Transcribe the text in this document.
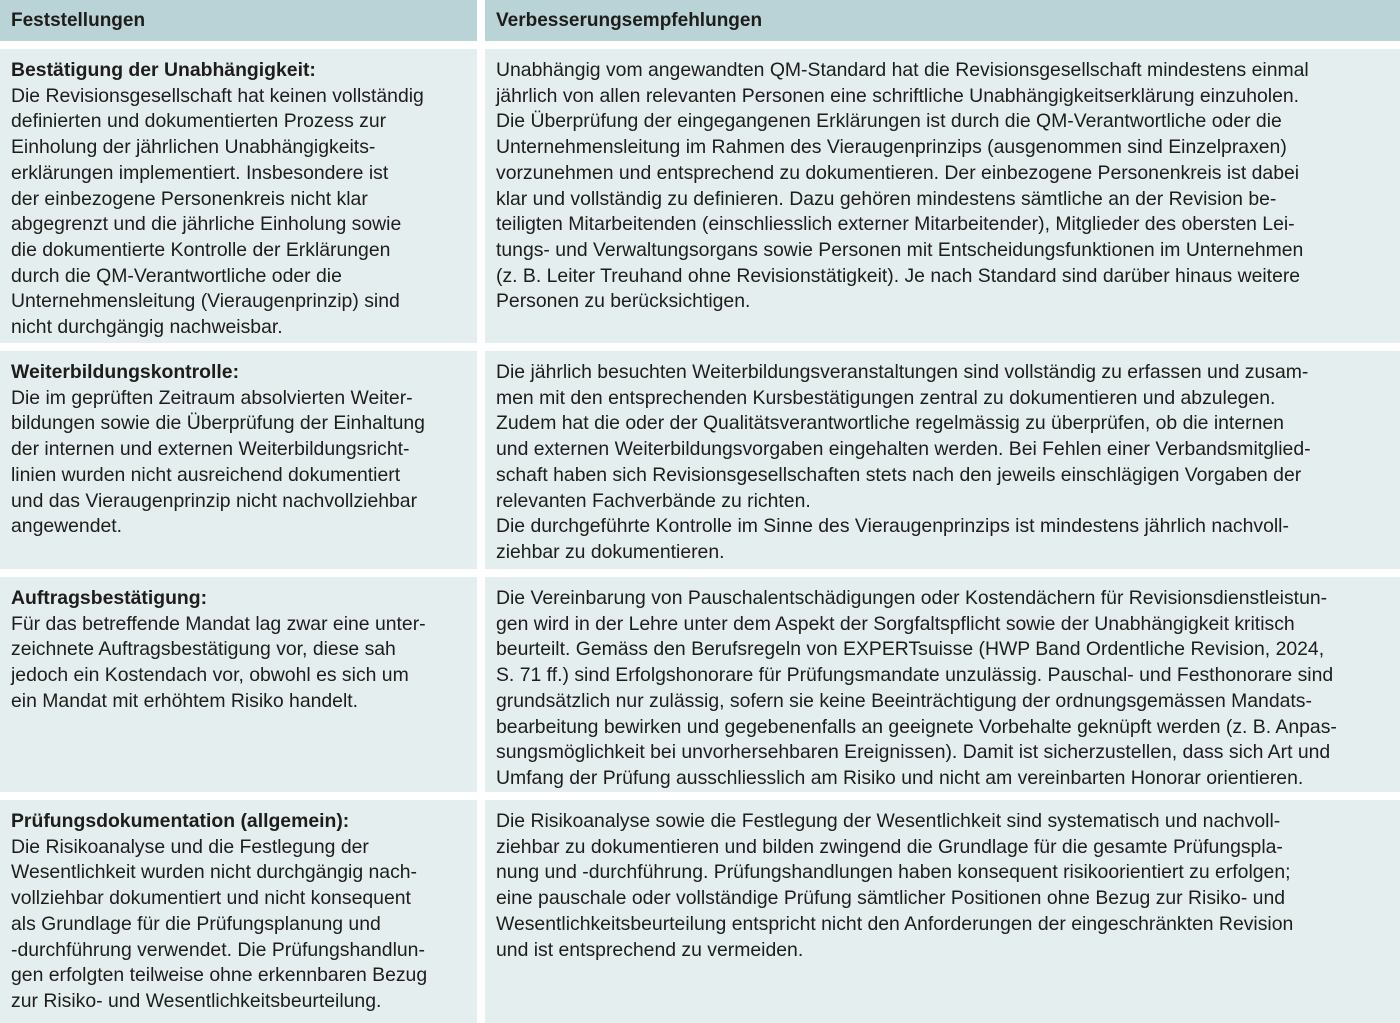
Feststellungen	Verbesserungsempfehlungen
Bestätigung der Unabhängigkeit:
Die Revisionsgesellschaft hat keinen vollständig
definierten und dokumentierten Prozess zur
Einholung der jährlichen Unabhängigkeits-
erklärungen implementiert. Insbesondere ist
der einbezogene Personenkreis nicht klar
abgegrenzt und die jährliche Einholung sowie
die dokumentierte Kontrolle der Erklärungen
durch die QM-Verantwortliche oder die
Unternehmensleitung (Vieraugenprinzip) sind
nicht durchgängig nachweisbar.
Unabhängig vom angewandten QM-Standard hat die Revisionsgesellschaft mindestens einmal
jährlich von allen relevanten Personen eine schriftliche Unabhängigkeitserklärung einzuholen.
Die Überprüfung der eingegangenen Erklärungen ist durch die QM-Verantwortliche oder die
Unternehmensleitung im Rahmen des Vieraugenprinzips (ausgenommen sind Einzelpraxen)
vorzunehmen und entsprechend zu dokumentieren. Der einbezogene Personenkreis ist dabei
klar und vollständig zu definieren. Dazu gehören mindestens sämtliche an der Revision be-
teiligten Mitarbeitenden (einschliesslich externer Mitarbeitender), Mitglieder des obersten Lei-
tungs- und Verwaltungsorgans sowie Personen mit Entscheidungsfunktionen im Unternehmen
(z. B. Leiter Treuhand ohne Revisionstätigkeit). Je nach Standard sind darüber hinaus weitere
Personen zu berücksichtigen.
Weiterbildungskontrolle:
Die im geprüften Zeitraum absolvierten Weiter-
bildungen sowie die Überprüfung der Einhaltung
der internen und externen Weiterbildungsricht-
linien wurden nicht ausreichend dokumentiert
und das Vieraugenprinzip nicht nachvollziehbar
angewendet.
Die jährlich besuchten Weiterbildungsveranstaltungen sind vollständig zu erfassen und zusam-
men mit den entsprechenden Kursbestätigungen zentral zu dokumentieren und abzulegen.
Zudem hat die oder der Qualitätsverantwortliche regelmässig zu überprüfen, ob die internen
und externen Weiterbildungsvorgaben eingehalten werden. Bei Fehlen einer Verbandsmitglied-
schaft haben sich Revisionsgesellschaften stets nach den jeweils einschlägigen Vorgaben der
relevanten Fachverbände zu richten.
Die durchgeführte Kontrolle im Sinne des Vieraugenprinzips ist mindestens jährlich nachvoll-
ziehbar zu dokumentieren.
Auftragsbestätigung:
Für das betreffende Mandat lag zwar eine unter-
zeichnete Auftragsbestätigung vor, diese sah
jedoch ein Kostendach vor, obwohl es sich um
ein Mandat mit erhöhtem Risiko handelt.
Die Vereinbarung von Pauschalentschädigungen oder Kostendächern für Revisionsdienstleistun-
gen wird in der Lehre unter dem Aspekt der Sorgfaltspflicht sowie der Unabhängigkeit kritisch
beurteilt. Gemäss den Berufsregeln von EXPERTsuisse (HWP Band Ordentliche Revision, 2024,
S. 71 ff.) sind Erfolgshonorare für Prüfungsmandate unzulässig. Pauschal- und Festhonorare sind
grundsätzlich nur zulässig, sofern sie keine Beeinträchtigung der ordnungsgemässen Mandats-
bearbeitung bewirken und gegebenenfalls an geeignete Vorbehalte geknüpft werden (z. B. Anpas-
sungsmöglichkeit bei unvorhersehbaren Ereignissen). Damit ist sicherzustellen, dass sich Art und
Umfang der Prüfung ausschliesslich am Risiko und nicht am vereinbarten Honorar orientieren.
Prüfungsdokumentation (allgemein):
Die Risikoanalyse und die Festlegung der
Wesentlichkeit wurden nicht durchgängig nach-
vollziehbar dokumentiert und nicht konsequent
als Grundlage für die Prüfungsplanung und
-durchführung verwendet. Die Prüfungshandlun-
gen erfolgten teilweise ohne erkennbaren Bezug
zur Risiko- und Wesentlichkeitsbeurteilung.
Die Risikoanalyse sowie die Festlegung der Wesentlichkeit sind systematisch und nachvoll-
ziehbar zu dokumentieren und bilden zwingend die Grundlage für die gesamte Prüfungspla-
nung und -durchführung. Prüfungshandlungen haben konsequent risikoorientiert zu erfolgen;
eine pauschale oder vollständige Prüfung sämtlicher Positionen ohne Bezug zur Risiko- und
Wesentlichkeitsbeurteilung entspricht nicht den Anforderungen der eingeschränkten Revision
und ist entsprechend zu vermeiden.
